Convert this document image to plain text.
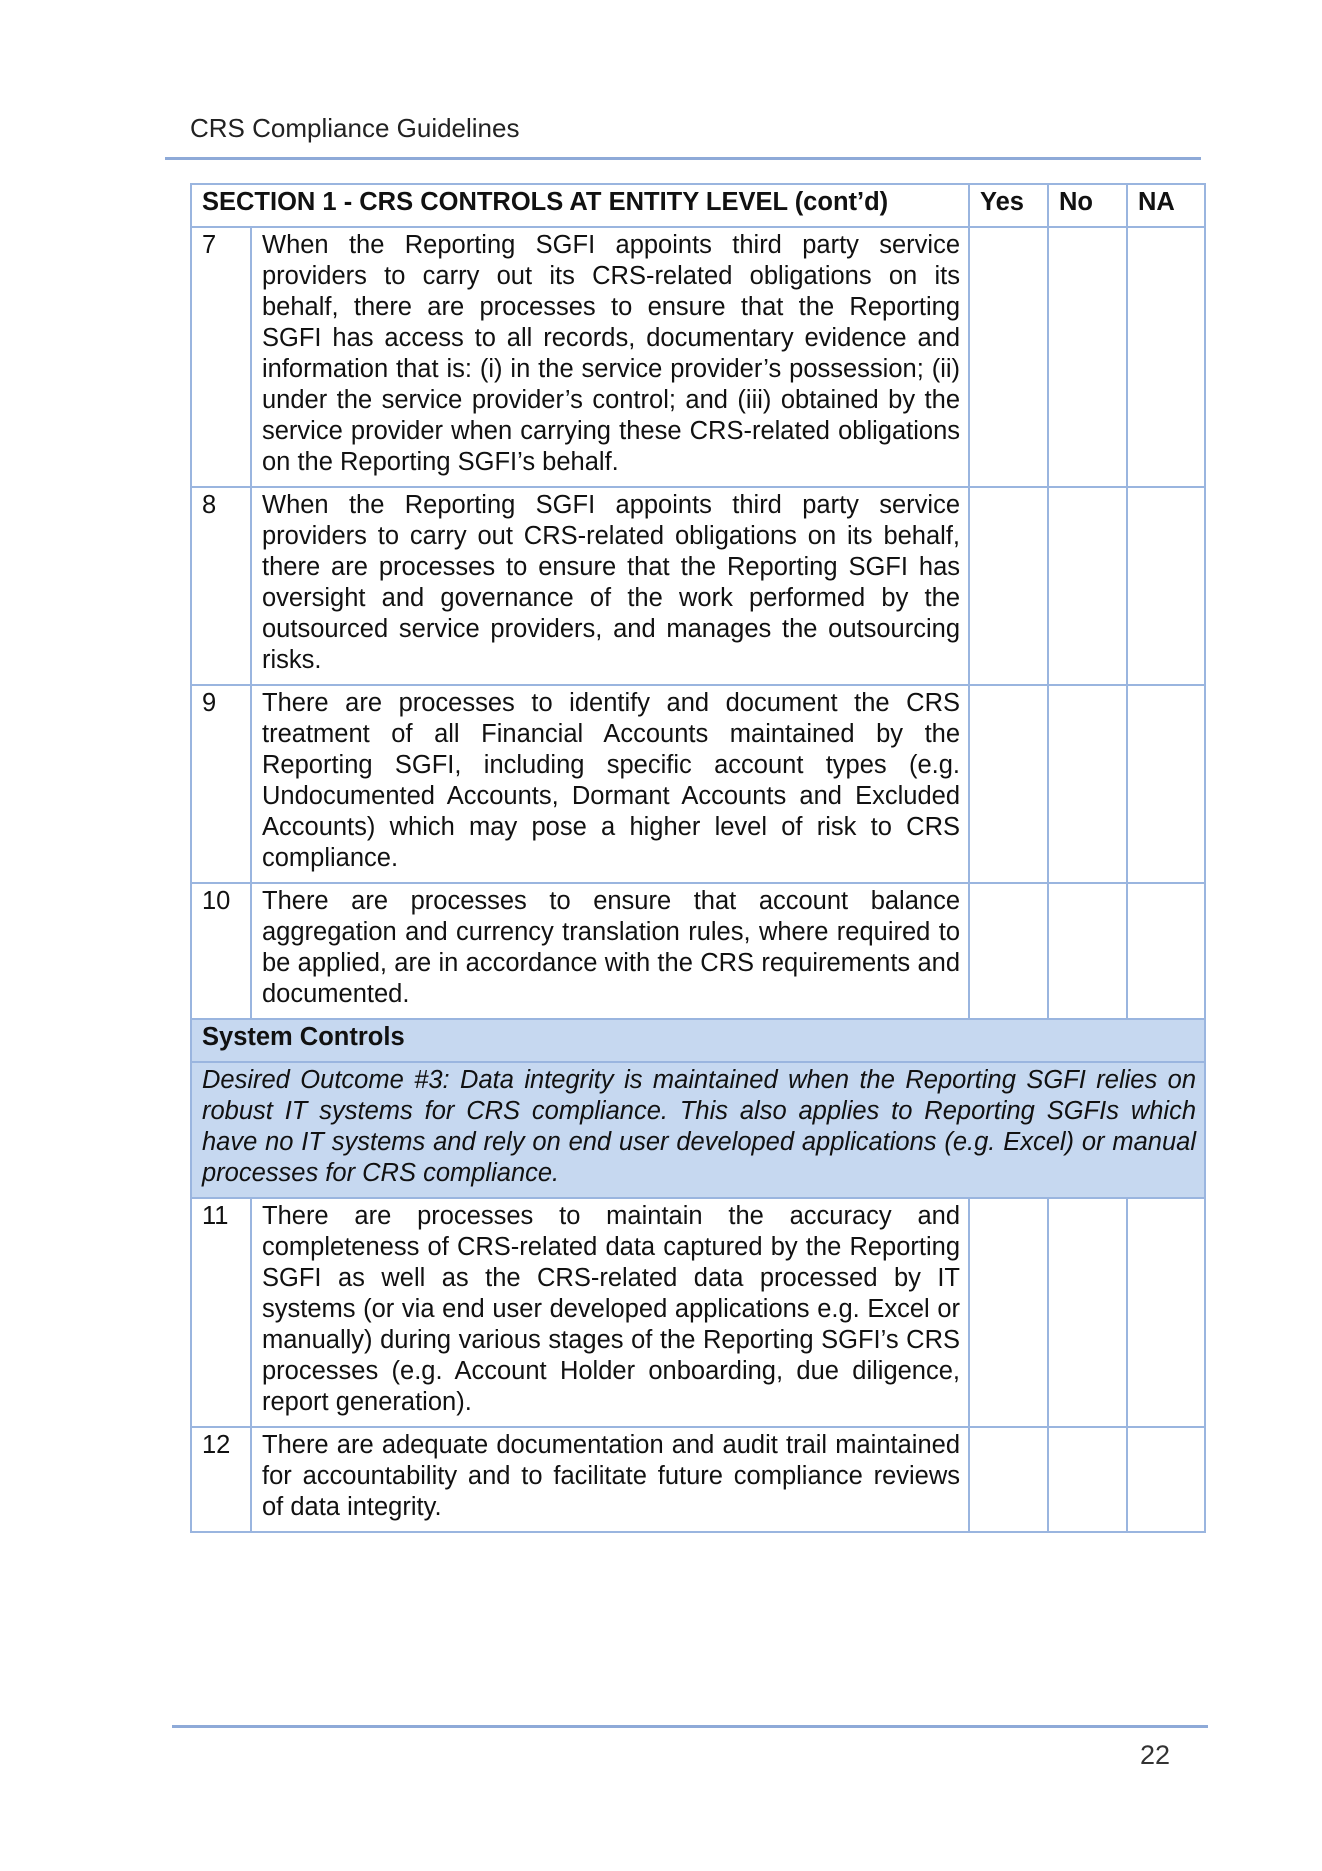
CRS Compliance Guidelines
SECTION 1 - CRS CONTROLS AT ENTITY LEVEL (cont’d)		Yes	No	NA
7	When the Reporting SGFI appoints third party service providers to carry out its CRS-related obligations on its behalf, there are processes to ensure that the Reporting SGFI has access to all records, documentary evidence and information that is: (i) in the service provider’s possession; (ii) under the service provider’s control; and (iii) obtained by the service provider when carrying these CRS-related obligations on the Reporting SGFI’s behalf.			
8	When the Reporting SGFI appoints third party service providers to carry out CRS-related obligations on its behalf, there are processes to ensure that the Reporting SGFI has oversight and governance of the work performed by the outsourced service providers, and manages the outsourcing risks.			
9	There are processes to identify and document the CRS treatment of all Financial Accounts maintained by the Reporting SGFI, including specific account types (e.g. Undocumented Accounts, Dormant Accounts and Excluded Accounts) which may pose a higher level of risk to CRS compliance.			
10	There are processes to ensure that account balance aggregation and currency translation rules, where required to be applied, are in accordance with the CRS requirements and documented.			
System Controls				
Desired Outcome #3: Data integrity is maintained when the Reporting SGFI relies on robust IT systems for CRS compliance. This also applies to Reporting SGFIs which have no IT systems and rely on end user developed applications (e.g. Excel) or manual processes for CRS compliance.				
11	There are processes to maintain the accuracy and completeness of CRS-related data captured by the Reporting SGFI as well as the CRS-related data processed by IT systems (or via end user developed applications e.g. Excel or manually) during various stages of the Reporting SGFI’s CRS processes (e.g. Account Holder onboarding, due diligence, report generation).			
12	There are adequate documentation and audit trail maintained for accountability and to facilitate future compliance reviews of data integrity.			
22
